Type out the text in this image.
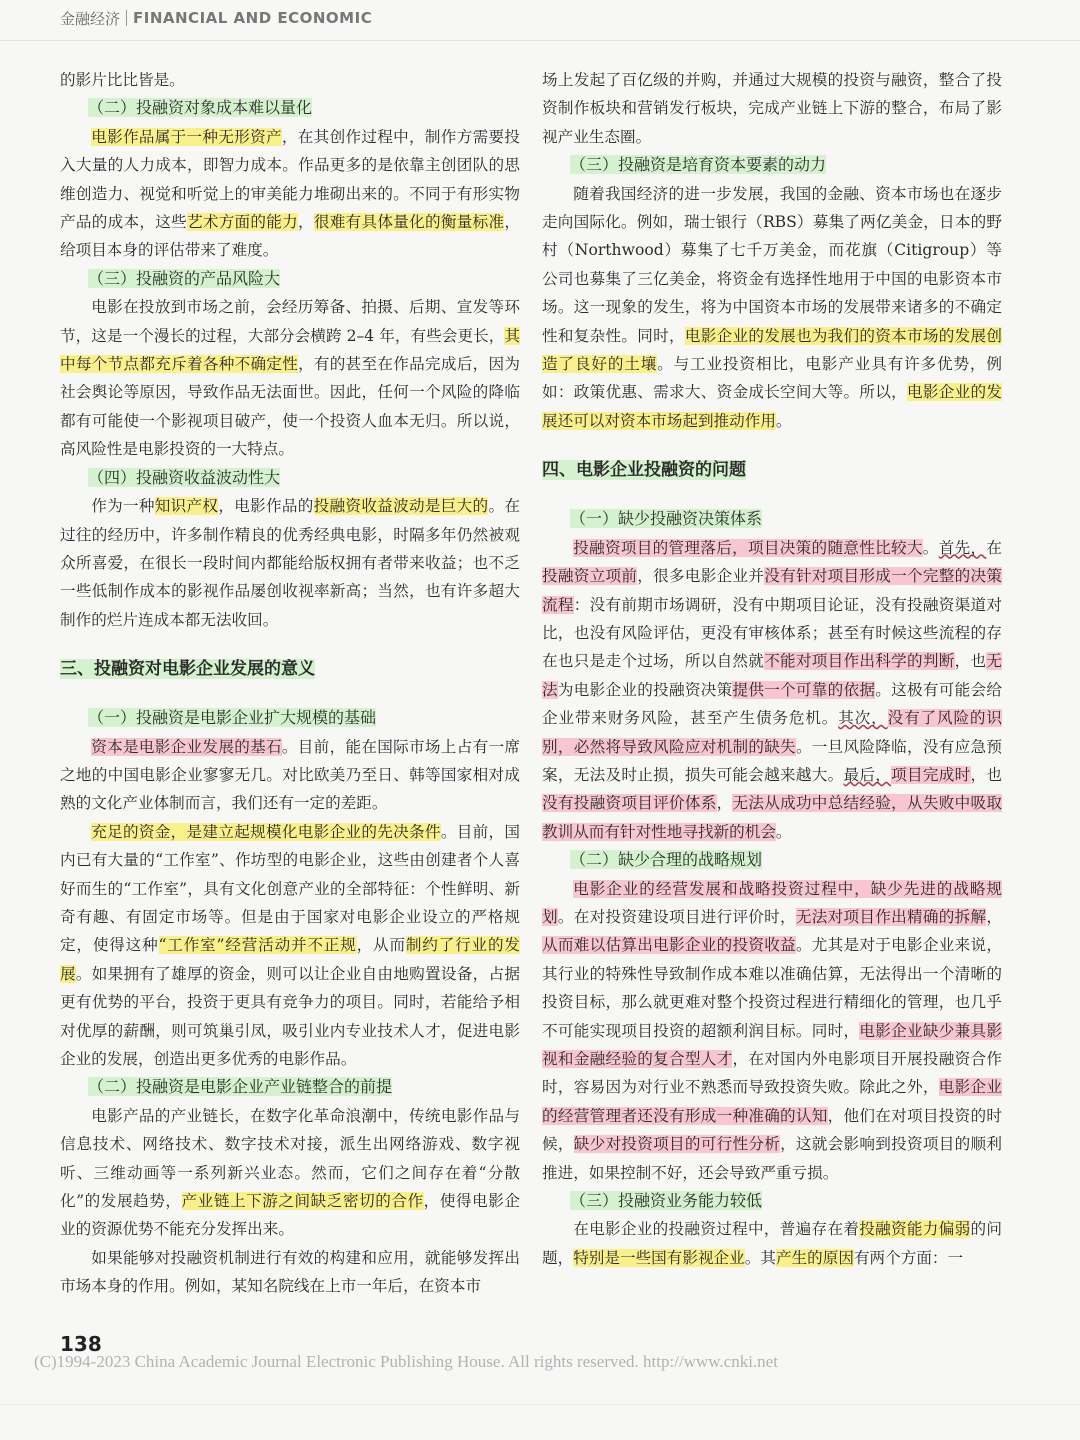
金融经济 FINANCIAL AND ECONOMIC

的影片比比皆是。

（二）投融资对象成本难以量化

电影作品属于一种无形资产，在其创作过程中，制作方需要投入大量的人力成本，即智力成本。作品更多的是依靠主创团队的思维创造力、视觉和听觉上的审美能力堆砌出来的。不同于有形实物产品的成本，这些艺术方面的能力，很难有具体量化的衡量标准，给项目本身的评估带来了难度。

（三）投融资的产品风险大

电影在投放到市场之前，会经历筹备、拍摄、后期、宣发等环节，这是一个漫长的过程，大部分会横跨 2–4 年，有些会更长，其中每个节点都充斥着各种不确定性，有的甚至在作品完成后，因为社会舆论等原因，导致作品无法面世。因此，任何一个风险的降临都有可能使一个影视项目破产，使一个投资人血本无归。所以说，高风险性是电影投资的一大特点。

（四）投融资收益波动性大

作为一种知识产权，电影作品的投融资收益波动是巨大的。在过往的经历中，许多制作精良的优秀经典电影，时隔多年仍然被观众所喜爱，在很长一段时间内都能给版权拥有者带来收益；也不乏一些低制作成本的影视作品屡创收视率新高；当然，也有许多超大制作的烂片连成本都无法收回。

三、投融资对电影企业发展的意义
（一）投融资是电影企业扩大规模的基础

资本是电影企业发展的基石。目前，能在国际市场上占有一席之地的中国电影企业寥寥无几。对比欧美乃至日、韩等国家相对成熟的文化产业体制而言，我们还有一定的差距。

充足的资金，是建立起规模化电影企业的先决条件。目前，国内已有大量的“工作室”、作坊型的电影企业，这些由创建者个人喜好而生的“工作室”，具有文化创意产业的全部特征：个性鲜明、新奇有趣、有固定市场等。但是由于国家对电影企业设立的严格规定，使得这种“工作室”经营活动并不正规，从而制约了行业的发展。如果拥有了雄厚的资金，则可以让企业自由地购置设备，占据更有优势的平台，投资于更具有竞争力的项目。同时，若能给予相对优厚的薪酬，则可筑巢引凤，吸引业内专业技术人才，促进电影企业的发展，创造出更多优秀的电影作品。

（二）投融资是电影企业产业链整合的前提

电影产品的产业链长，在数字化革命浪潮中，传统电影作品与信息技术、网络技术、数字技术对接，派生出网络游戏、数字视听、三维动画等一系列新兴业态。然而，它们之间存在着“分散化”的发展趋势，产业链上下游之间缺乏密切的合作，使得电影企业的资源优势不能充分发挥出来。

如果能够对投融资机制进行有效的构建和应用，就能够发挥出市场本身的作用。例如，某知名院线在上市一年后，在资本市

场上发起了百亿级的并购，并通过大规模的投资与融资，整合了投资制作板块和营销发行板块，完成产业链上下游的整合，布局了影视产业生态圈。

（三）投融资是培育资本要素的动力

随着我国经济的进一步发展，我国的金融、资本市场也在逐步走向国际化。例如，瑞士银行（RBS）募集了两亿美金，日本的野村（Northwood）募集了七千万美金，而花旗（Citigroup）等公司也募集了三亿美金，将资金有选择性地用于中国的电影资本市场。这一现象的发生，将为中国资本市场的发展带来诸多的不确定性和复杂性。同时，电影企业的发展也为我们的资本市场的发展创造了良好的土壤。与工业投资相比，电影产业具有许多优势，例如：政策优惠、需求大、资金成长空间大等。所以，电影企业的发展还可以对资本市场起到推动作用。

四、电影企业投融资的问题
（一）缺少投融资决策体系

投融资项目的管理落后，项目决策的随意性比较大。首先，在投融资立项前，很多电影企业并没有针对项目形成一个完整的决策流程：没有前期市场调研，没有中期项目论证，没有投融资渠道对比，也没有风险评估，更没有审核体系；甚至有时候这些流程的存在也只是走个过场，所以自然就不能对项目作出科学的判断，也无法为电影企业的投融资决策提供一个可靠的依据。这极有可能会给企业带来财务风险，甚至产生债务危机。其次，没有了风险的识别，必然将导致风险应对机制的缺失。一旦风险降临，没有应急预案，无法及时止损，损失可能会越来越大。最后，项目完成时，也没有投融资项目评价体系，无法从成功中总结经验，从失败中吸取教训从而有针对性地寻找新的机会。

（二）缺少合理的战略规划

电影企业的经营发展和战略投资过程中，缺少先进的战略规划。在对投资建设项目进行评价时，无法对项目作出精确的拆解，从而难以估算出电影企业的投资收益。尤其是对于电影企业来说，其行业的特殊性导致制作成本难以准确估算，无法得出一个清晰的投资目标，那么就更难对整个投资过程进行精细化的管理，也几乎不可能实现项目投资的超额利润目标。同时，电影企业缺少兼具影视和金融经验的复合型人才，在对国内外电影项目开展投融资合作时，容易因为对行业不熟悉而导致投资失败。除此之外，电影企业的经营管理者还没有形成一种准确的认知，他们在对项目投资的时候，缺少对投资项目的可行性分析，这就会影响到投资项目的顺利推进，如果控制不好，还会导致严重亏损。

（三）投融资业务能力较低

在电影企业的投融资过程中，普遍存在着投融资能力偏弱的问题，特别是一些国有影视企业。其产生的原因有两个方面：一

138
(C)1994-2023 China Academic Journal Electronic Publishing House. All rights reserved. http://www.cnki.net
